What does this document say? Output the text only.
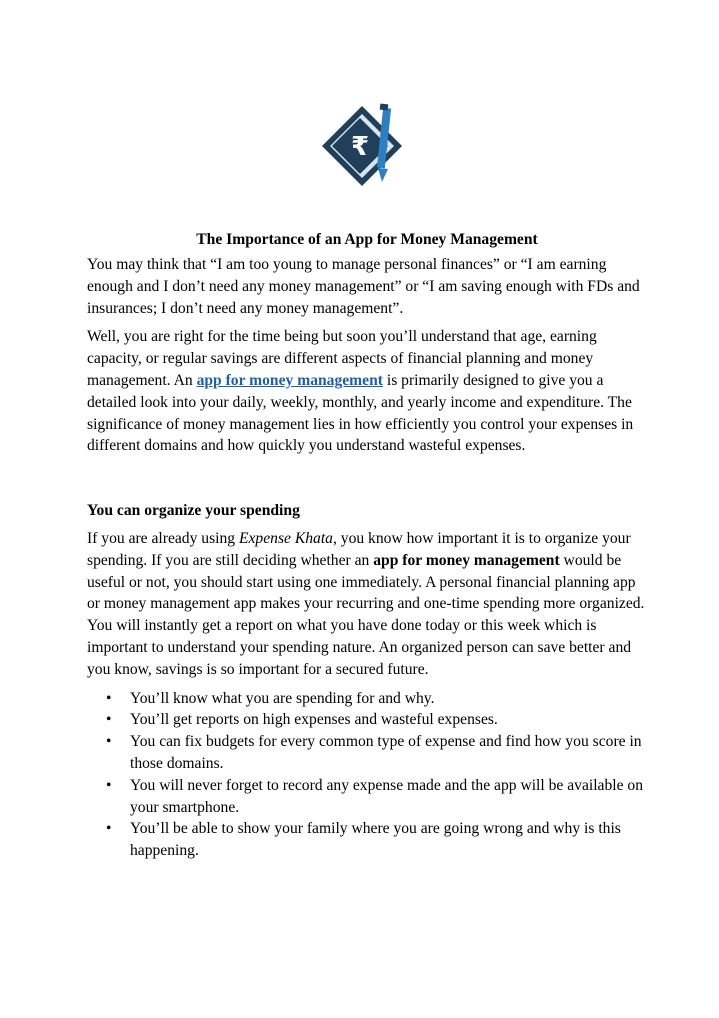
₹
The Importance of an App for Money Management

You may think that “I am too young to manage personal finances” or “I am earning enough and I don’t need any money management” or “I am saving enough with FDs and insurances; I don’t need any money management”.

Well, you are right for the time being but soon you’ll understand that age, earning capacity, or regular savings are different aspects of financial planning and money management. An app for money management is primarily designed to give you a detailed look into your daily, weekly, monthly, and yearly income and expenditure. The significance of money management lies in how efficiently you control your expenses in different domains and how quickly you understand wasteful expenses.

You can organize your spending

If you are already using Expense Khata, you know how important it is to organize your spending. If you are still deciding whether an app for money management would be useful or not, you should start using one immediately. A personal financial planning app or money management app makes your recurring and one-time spending more organized. You will instantly get a report on what you have done today or this week which is important to understand your spending nature. An organized person can save better and you know, savings is so important for a secured future.

• You’ll know what you are spending for and why.
• You’ll get reports on high expenses and wasteful expenses.
• You can fix budgets for every common type of expense and find how you score in those domains.
• You will never forget to record any expense made and the app will be available on your smartphone.
• You’ll be able to show your family where you are going wrong and why is this happening.
